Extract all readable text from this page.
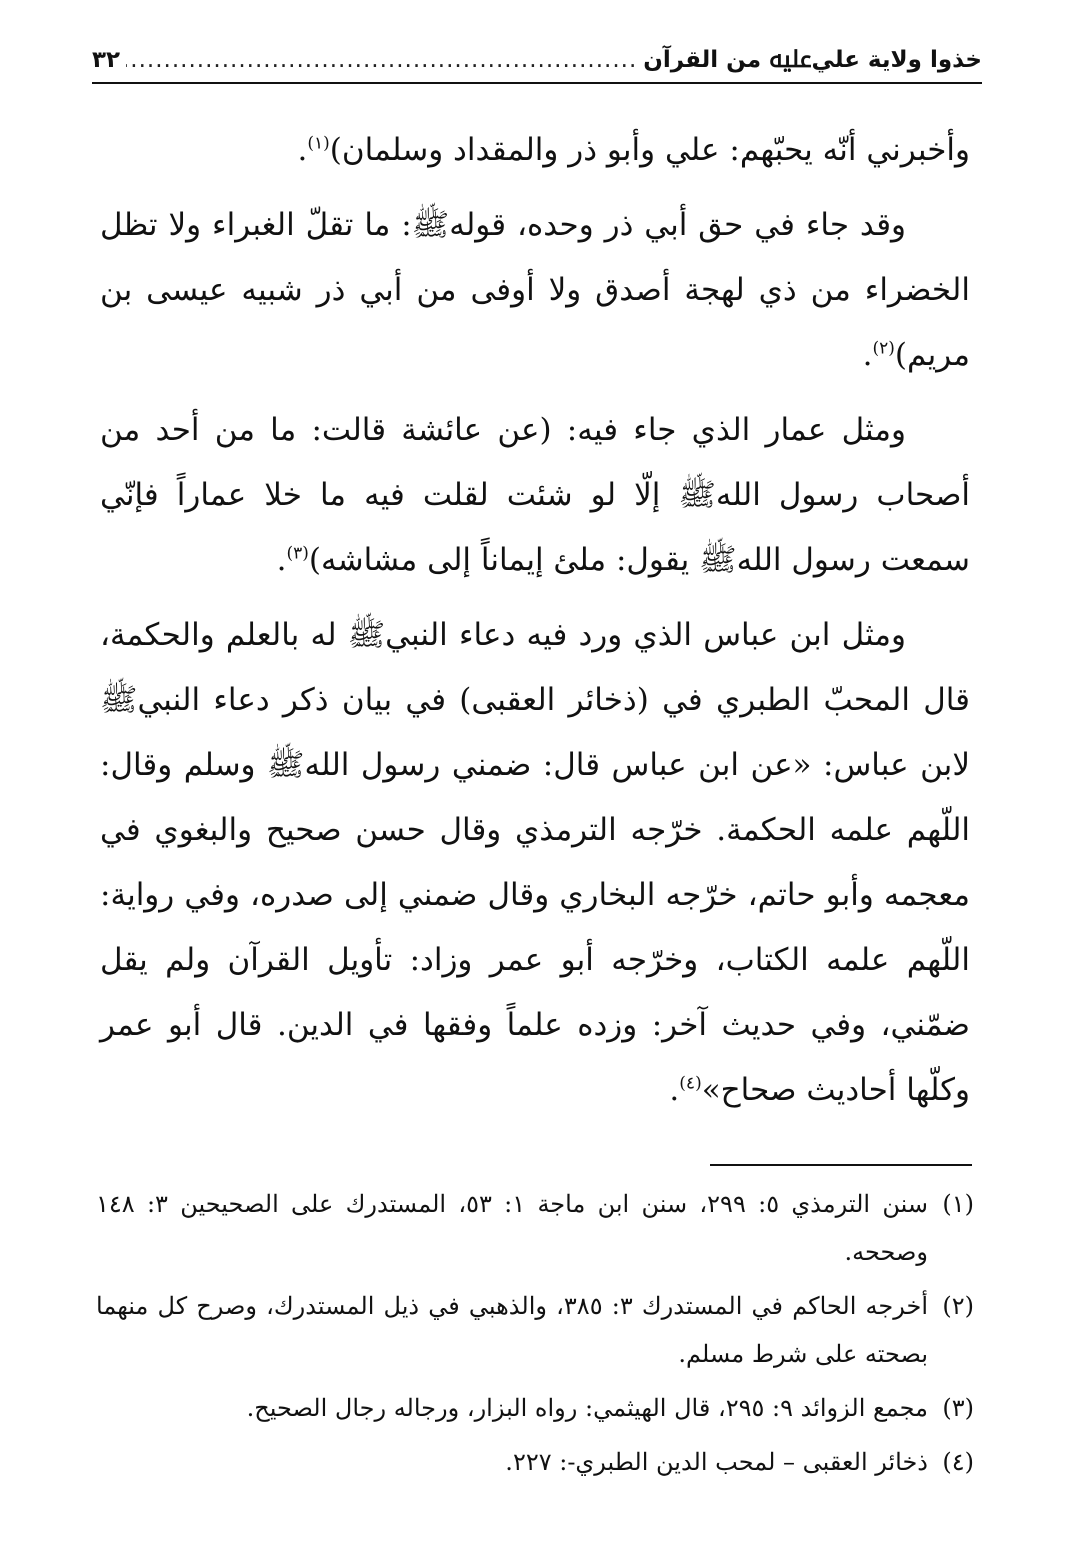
خذوا ولاية عليﷷ من القرآن
.....
٣٢

وأخبرني أنّه يحبّهم: علي وأبو ذر والمقداد وسلمان)$^{(١)}$.

وقد جاء في حق أبي ذر وحده، قولهﷺ: ما تقلّ الغبراء ولا تظل الخضراء من ذي لهجة أصدق ولا أوفى من أبي ذر شبيه عيسى بن مريم)$^{(٢)}$.

ومثل عمار الذي جاء فيه: (عن عائشة قالت: ما من أحد من أصحاب رسول اللهﷺ إلّا لو شئت لقلت فيه ما خلا عماراً فإنّي سمعت رسول اللهﷺ يقول: ملئ إيماناً إلى مشاشه)$^{(٣)}$.

ومثل ابن عباس الذي ورد فيه دعاء النبيﷺ له بالعلم والحكمة، قال المحبّ الطبري في (ذخائر العقبى) في بيان ذكر دعاء النبيﷺ لابن عباس: «عن ابن عباس قال: ضمني رسول اللهﷺ وسلم وقال: اللّهم علمه الحكمة. خرّجه الترمذي وقال حسن صحيح والبغوي في معجمه وأبو حاتم، خرّجه البخاري وقال ضمني إلى صدره، وفي رواية: اللّهم علمه الكتاب، وخرّجه أبو عمر وزاد: تأويل القرآن ولم يقل ضمّني، وفي حديث آخر: وزده علماً وفقها في الدين. قال أبو عمر وكلّها أحاديث صحاح»$^{(٤)}$.

(١)سنن الترمذي ٥: ٢٩٩، سنن ابن ماجة ١: ٥٣، المستدرك على الصحيحين ٣: ١٤٨ وصححه.

(٢)أخرجه الحاكم في المستدرك ٣: ٣٨٥، والذهبي في ذيل المستدرك، وصرح كل منهما بصحته على شرط مسلم.

(٣)مجمع الزوائد ٩: ٢٩٥، قال الهيثمي: رواه البزار، ورجاله رجال الصحيح.

(٤)ذخائر العقبى – لمحب الدين الطبري-: ٢٢٧.
